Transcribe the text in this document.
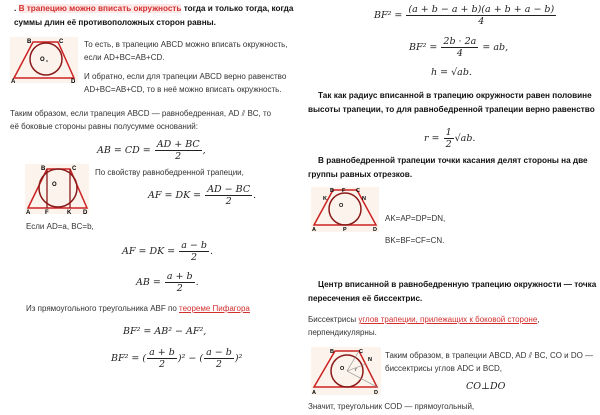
. В трапецию можно вписать окружность тогда и только тогда, когда суммы длин её противоположных сторон равны.
B	C
O
A	D
То есть, в трапецию ABCD можно вписать окружность, если AD+BC=AB+CD.
И обратно, если для трапеции ABCD верно равенство AD+BC=AB+CD, то в неё можно вписать окружность.
Таким образом, если трапеция ABCD — равнобедренная, AD ⫽ BC, то её боковые стороны равны полусумме оснований:
AB = CD = $\frac{AD + BC}{2}$ ,
B	C
O
A F	K D
По свойству равнобедренной трапеции,
AF = DK = $\frac{AD - BC}{2}$ .
Если AD=a, BC=b,
AF = DK = $\frac{a - b}{2}$ .
AB = $\frac{a + b}{2}$ .
Из прямоугольного треугольника ABF по теореме Пифагора
BF² = AB² − AF²,
BF² = ( $\frac{a + b}{2} )^2$ − ( $\frac{a - b}{2} )^2$
$BF^2 = \frac{(a + b - a + b)(a + b + a - b)}{4}$
$BF^2 = \frac{2b \cdot 2a}{4}$ = ab,
h = √ab.
Так как радиус вписанной в трапецию окружности равен половине высоты трапеции, то для равнобедренной трапеции верно равенство
$r = \frac{1}{2} √ab$.
В равнобедренной трапеции точки касания делят стороны на две группы равных отрезков.
B F C
K	N
O
A	P	D
AK=AP=DP=DN,
BK=BF=CF=CN.
Центр вписанной в равнобедренную трапецию окружности — точка пересечения её биссектрис.
Биссектрисы углов трапеции, прилежащих к боковой стороне, перпендикулярны.
B	C
N
O r
A	D
Таким образом, в трапеции ABCD, AD ⫽ BC, CO и DO — биссектрисы углов ADC и BCD,
CO⊥DO
Значит, треугольник COD — прямоугольный,
